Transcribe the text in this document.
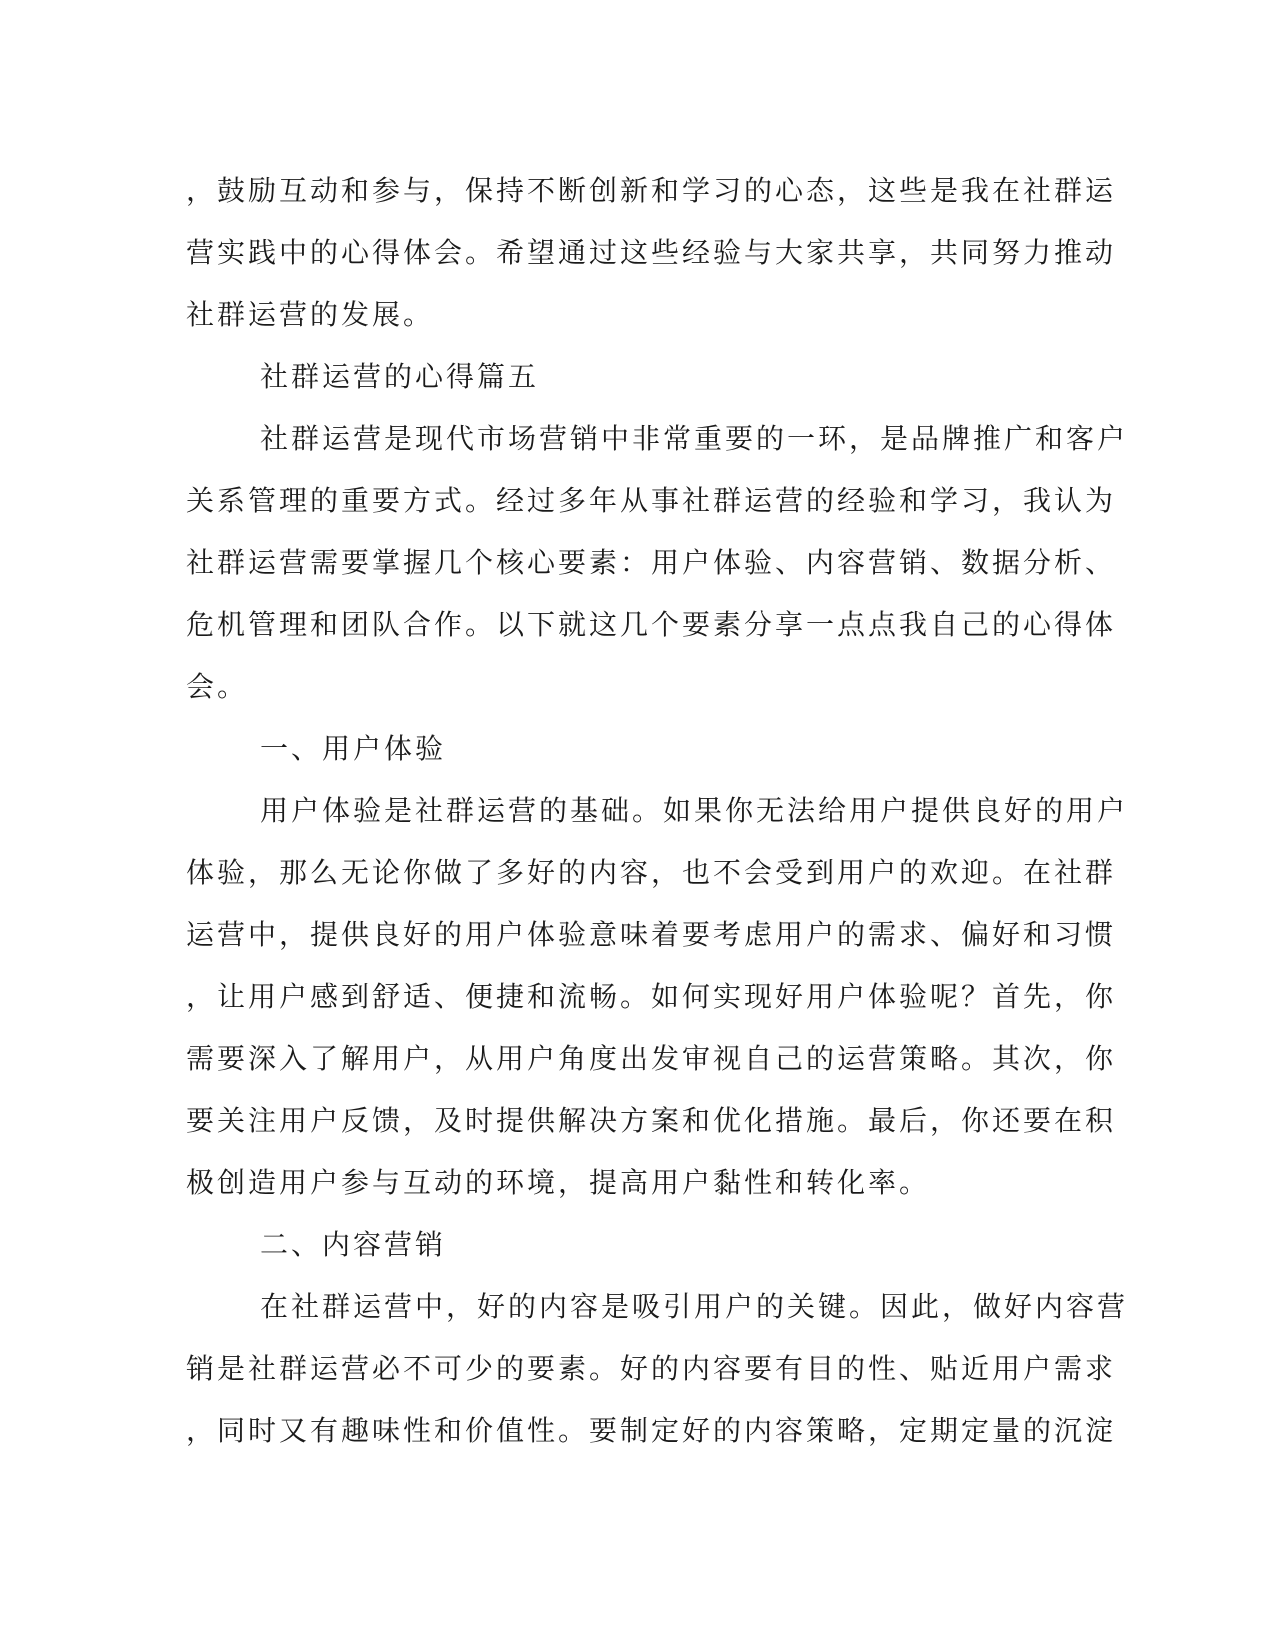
，鼓励互动和参与，保持不断创新和学习的心态，这些是我在社群运
营实践中的心得体会。希望通过这些经验与大家共享，共同努力推动
社群运营的发展。
社群运营的心得篇五
社群运营是现代市场营销中非常重要的一环，是品牌推广和客户
关系管理的重要方式。经过多年从事社群运营的经验和学习，我认为
社群运营需要掌握几个核心要素：用户体验、内容营销、数据分析、
危机管理和团队合作。以下就这几个要素分享一点点我自己的心得体
会。
一、用户体验
用户体验是社群运营的基础。如果你无法给用户提供良好的用户
体验，那么无论你做了多好的内容，也不会受到用户的欢迎。在社群
运营中，提供良好的用户体验意味着要考虑用户的需求、偏好和习惯
，让用户感到舒适、便捷和流畅。如何实现好用户体验呢？首先，你
需要深入了解用户，从用户角度出发审视自己的运营策略。其次，你
要关注用户反馈，及时提供解决方案和优化措施。最后，你还要在积
极创造用户参与互动的环境，提高用户黏性和转化率。
二、内容营销
在社群运营中，好的内容是吸引用户的关键。因此，做好内容营
销是社群运营必不可少的要素。好的内容要有目的性、贴近用户需求
，同时又有趣味性和价值性。要制定好的内容策略，定期定量的沉淀
